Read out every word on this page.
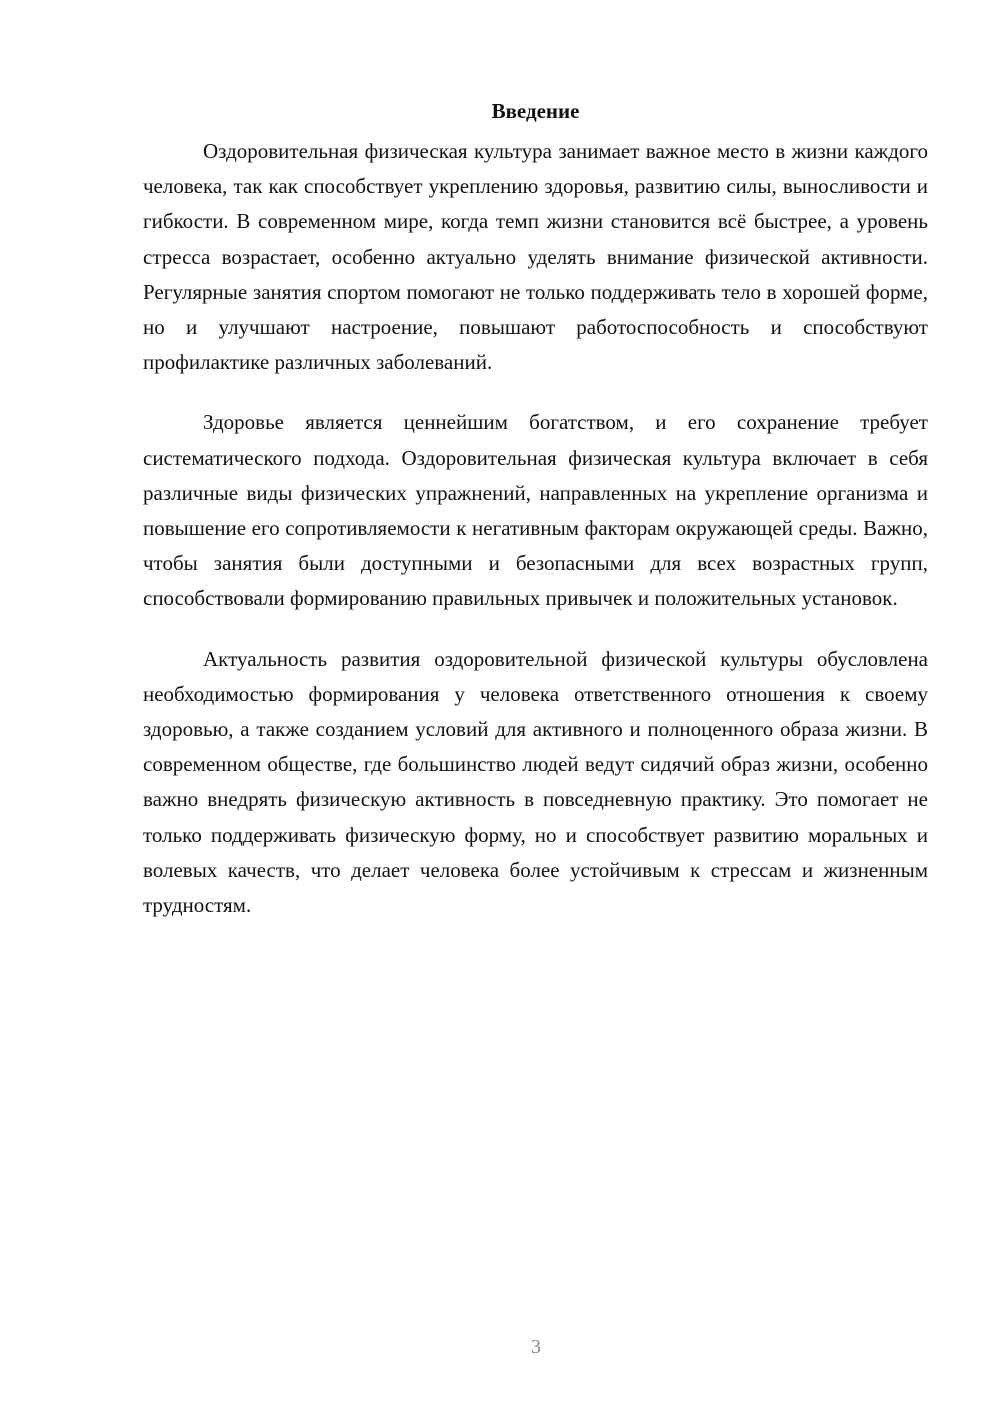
Введение

Оздоровительная физическая культура занимает важное место в жизни каждого человека, так как способствует укреплению здоровья, развитию силы, выносливости и гибкости. В современном мире, когда темп жизни становится всё быстрее, а уровень стресса возрастает, особенно актуально уделять внимание физической активности. Регулярные занятия спортом помогают не только поддерживать тело в хорошей форме, но и улучшают настроение, повышают работоспособность и способствуют профилактике различных заболеваний.

Здоровье является ценнейшим богатством, и его сохранение требует систематического подхода. Оздоровительная физическая культура включает в себя различные виды физических упражнений, направленных на укрепление организма и повышение его сопротивляемости к негативным факторам окружающей среды. Важно, чтобы занятия были доступными и безопасными для всех возрастных групп, способствовали формированию правильных привычек и положительных установок.

Актуальность развития оздоровительной физической культуры обусловлена необходимостью формирования у человека ответственного отношения к своему здоровью, а также созданием условий для активного и полноценного образа жизни. В современном обществе, где большинство людей ведут сидячий образ жизни, особенно важно внедрять физическую активность в повседневную практику. Это помогает не только поддерживать физическую форму, но и способствует развитию моральных и волевых качеств, что делает человека более устойчивым к стрессам и жизненным трудностям.

3
